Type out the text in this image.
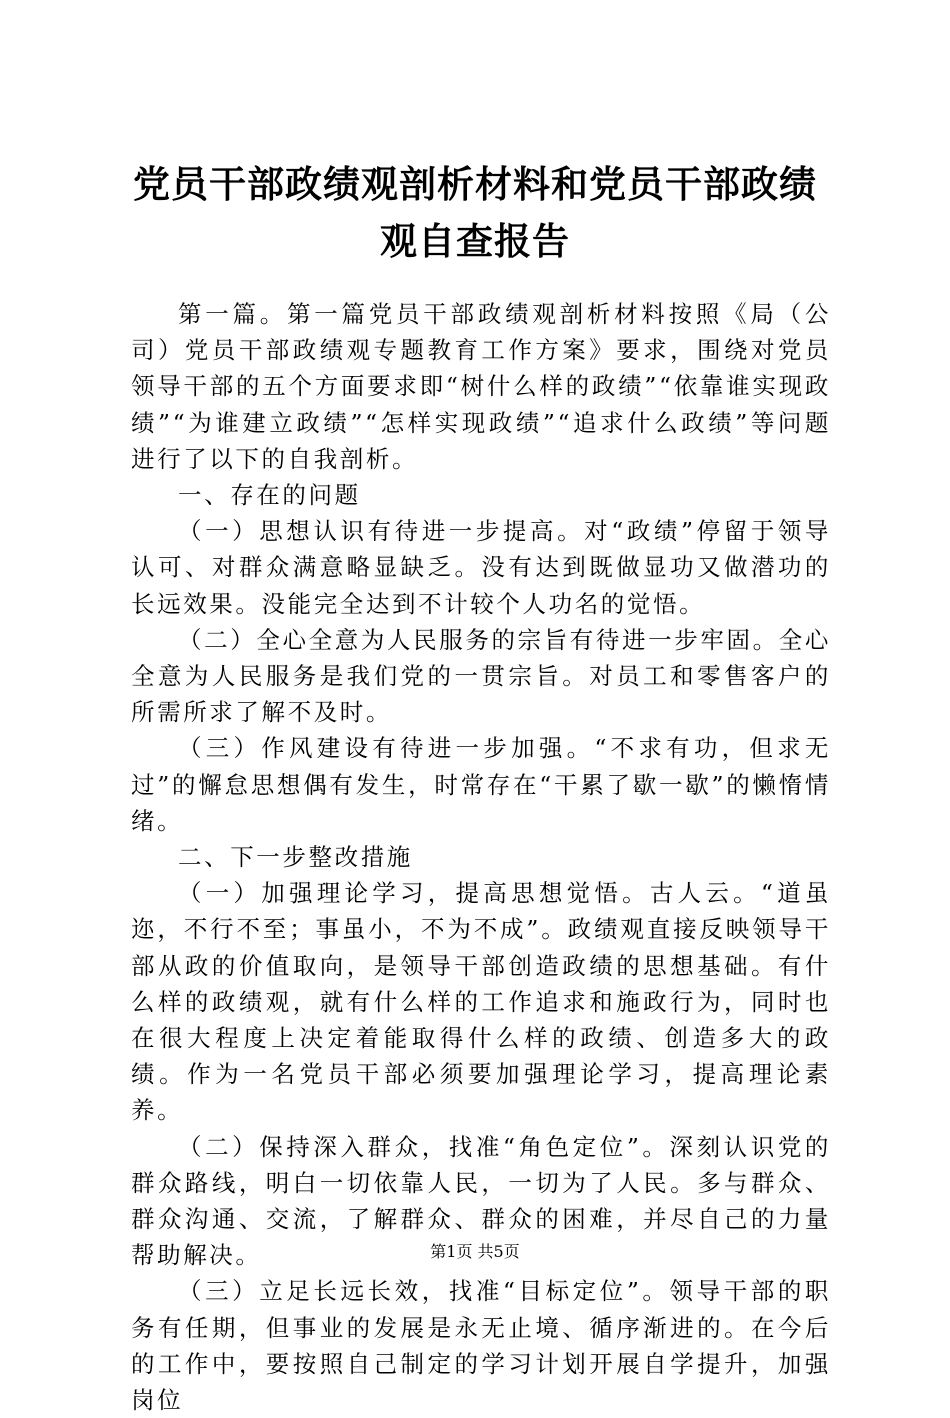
党员干部政绩观剖析材料和党员干部政绩观自查报告

第一篇。第一篇党员干部政绩观剖析材料按照《局（公司）党员干部政绩观专题教育工作方案》要求，围绕对党员领导干部的五个方面要求即“树什么样的政绩”“依靠谁实现政绩”“为谁建立政绩”“怎样实现政绩”“追求什么政绩”等问题进行了以下的自我剖析。

一、存在的问题

（一）思想认识有待进一步提高。对“政绩”停留于领导认可、对群众满意略显缺乏。没有达到既做显功又做潜功的长远效果。没能完全达到不计较个人功名的觉悟。

（二）全心全意为人民服务的宗旨有待进一步牢固。全心全意为人民服务是我们党的一贯宗旨。对员工和零售客户的所需所求了解不及时。

（三）作风建设有待进一步加强。“不求有功，但求无过”的懈怠思想偶有发生，时常存在“干累了歇一歇”的懒惰情绪。

二、下一步整改措施

（一）加强理论学习，提高思想觉悟。古人云。“道虽迩，不行不至；事虽小，不为不成”。政绩观直接反映领导干部从政的价值取向，是领导干部创造政绩的思想基础。有什么样的政绩观，就有什么样的工作追求和施政行为，同时也在很大程度上决定着能取得什么样的政绩、创造多大的政绩。作为一名党员干部必须要加强理论学习，提高理论素养。

（二）保持深入群众，找准“角色定位”。深刻认识党的群众路线，明白一切依靠人民，一切为了人民。多与群众、群众沟通、交流，了解群众、群众的困难，并尽自己的力量帮助解决。

（三）立足长远长效，找准“目标定位”。领导干部的职务有任期，但事业的发展是永无止境、循序渐进的。在今后的工作中，要按照自己制定的学习计划开展自学提升，加强岗位

第1页 共5页
